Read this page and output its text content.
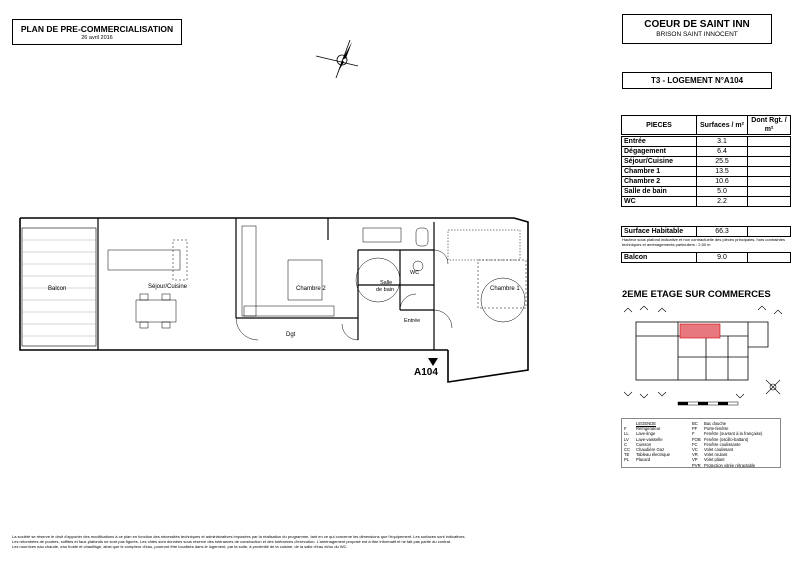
PLAN DE PRE-COMMERCIALISATION
26 avril 2016
COEUR DE SAINT INN
BRISON SAINT INNOCENT
T3 - LOGEMENT N°A104
PIECES	Surfaces / m²	Dont Rgt. / m²

Entrée	3.1	
Dégagement	6.4	
Séjour/Cuisine	25.5	
Chambre 1	13.5	
Chambre 2	10.6	
Salle de bain	5.0	
WC	2.2	
Surface Habitable	66.3	
Hauteur sous plafond indicative et non contractuelle des pièces principales, hors contraintes techniques et aménagements particuliers : 2,50 m
Balcon	9.0	
2EME ETAGE SUR COMMERCES
LEGENDE
F	Réfrigérateur
LL	Lave-linge
LV	Lave-vaisselle
C	Cuisson
CC	Chaudière Gaz
TE	Tableau électrique
PL	Placard
BC	Bac douche
PF	Porte-fenêtre
F	Fenêtre (ouvrant à la française)
FOB Fenêtre (oscillo-battant)
FC	Fenêtre coulissante
VC	Volet coulissant
VR	Volet roulant
VP	Volet pliant
PVR Protection vitrée rétractable
Balcon	Séjour/Cuisine	Chambre 2
Salle
de bain
WC
Entrée
Chambre 1
Dgt
A104
La société se réserve le droit d'apporter des modifications à ce plan en fonction des nécessités techniques et administratives imposées par la réalisation du programme, tant en ce qui concerne les dimensions que l'équipement. Les surfaces sont indicatives.
Les retombées de poutres, soffites et faux-plafonds ne sont pas figurés. Les côtes sont données sous réserve des tolérances de construction et des tolérances d'exécution. L'aménagement proposé est à titre informatif et ne fait pas partie du contrat.
Les nourrices eau chaude, eau froide et chauffage, ainsi que le compteur d'eau, pourront être localisés dans le logement, par la suite, à proximité de la cuisine, de la salle d'eau et/ou du WC.
